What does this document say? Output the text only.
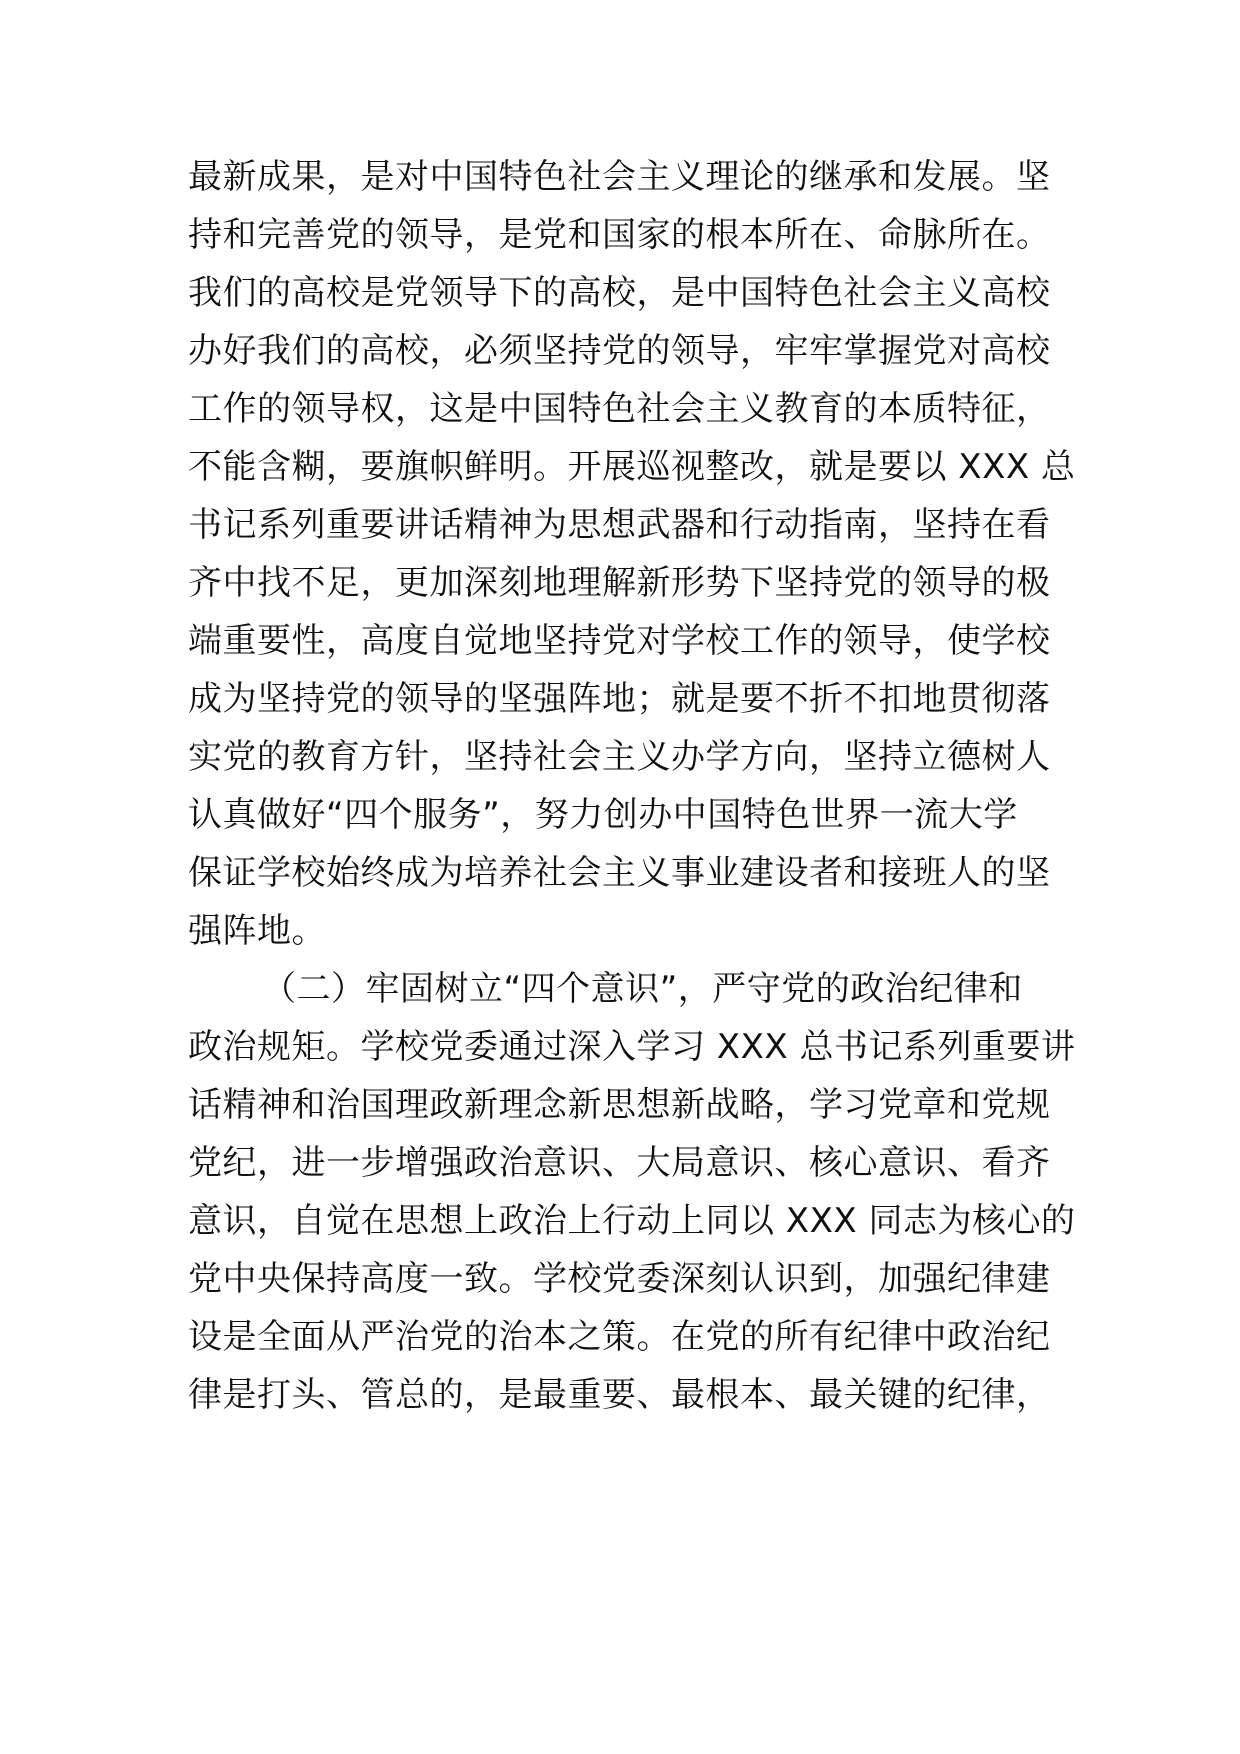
最新成果，是对中国特色社会主义理论的继承和发展。坚
持和完善党的领导，是党和国家的根本所在、命脉所在。
我们的高校是党领导下的高校，是中国特色社会主义高校
办好我们的高校，必须坚持党的领导，牢牢掌握党对高校
工作的领导权，这是中国特色社会主义教育的本质特征，
不能含糊，要旗帜鲜明。开展巡视整改，就是要以 XXX 总
书记系列重要讲话精神为思想武器和行动指南，坚持在看
齐中找不足，更加深刻地理解新形势下坚持党的领导的极
端重要性，高度自觉地坚持党对学校工作的领导，使学校
成为坚持党的领导的坚强阵地；就是要不折不扣地贯彻落
实党的教育方针，坚持社会主义办学方向，坚持立德树人
认真做好“四个服务”，努力创办中国特色世界一流大学
保证学校始终成为培养社会主义事业建设者和接班人的坚
强阵地。
（二）牢固树立“四个意识”，严守党的政治纪律和
政治规矩。学校党委通过深入学习 XXX 总书记系列重要讲
话精神和治国理政新理念新思想新战略，学习党章和党规
党纪，进一步增强政治意识、大局意识、核心意识、看齐
意识，自觉在思想上政治上行动上同以 XXX 同志为核心的
党中央保持高度一致。学校党委深刻认识到，加强纪律建
设是全面从严治党的治本之策。在党的所有纪律中政治纪
律是打头、管总的，是最重要、最根本、最关键的纪律，
